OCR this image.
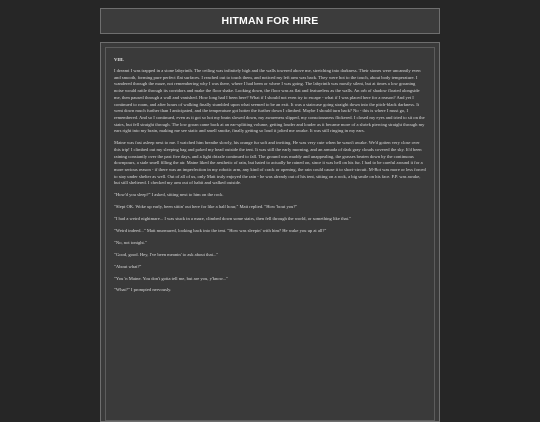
HITMAN FOR HIRE

VIII.

I dreamt I was trapped in a stone labyrinth. The ceiling was infinitely high and the walls towered above me, stretching into darkness. Their stones were uncannily even and smooth, forming pure perfect flat surfaces. I reached out to touch them, and noticed my left arm was back. They were hot to the touch, about body temperature. I wandered through the maze, not remembering why I was there, where I had been or where I was going. The labyrinth was mostly silent, but at times a low groaning noise would rattle through its corridors and make the floor shake. Looking down, the floor was as flat and featureless as the walls. An orb of shadow floated alongside me, then paused through a wall and vanished. How long had I been here? What if I should not even try to escape - what if I was placed here for a reason? And yet I continued to roam, and after hours of walking finally stumbled upon what seemed to be an exit. It was a staircase going straight down into the pitch-black darkness. It went down much further than I anticipated, and the temperature got hotter the further down I climbed. Maybe I should turn back? No - this is where I must go, I remembered. And so I continued, even as it got so hot my brain slowed down, my awareness slipped, my consciousness flickered. I closed my eyes and tried to sit on the stairs, but fell straight through. The low groan came back at an ear-splitting volume, getting louder and louder as it became more of a shriek piercing straight through my ears right into my brain, making me see static and smell smoke, finally getting so loud it jolted me awake. It was still ringing in my ears.

Maine was fast asleep next to me. I watched him breathe slowly, his orange fur soft and inviting. He was very cute when he wasn't awake. We'd gotten very close over this trip! I climbed out my sleeping bag and poked my head outside the tent. It was still the early morning, and an armada of dark gray clouds covered the sky. It'd been raining constantly over the past five days, and a light drizzle continued to fall. The ground was muddy and unappealing, the grasses beaten down by the continuous downpours, a stale smell filling the air. Maine liked the aesthetic of rain, but hated to actually be rained on, since it was hell on his fur. I had to be careful around it for a more serious reason - if there was an imperfection in my robotic arm, any kind of crack or opening, the rain could cause it to short-circuit. M-Bot was more or less forced to stay under shelter as well. Out of all of us, only Matt truly enjoyed the rain - he was already out of his tent, sitting on a rock, a big smile on his face. F.P. was awake, but still sheltered. I checked my arm out of habit and walked outside.

"How'd you sleep?" I asked, sitting next to him on the rock.

"Slept OK. Woke up early, been sittin' out here for like a half hour," Matt replied. "How 'bout you?"

"I had a weird nightmare... I was stuck in a maze, climbed down some stairs, then fell through the world, or something like that."

"Weird indeed..." Matt murmured, looking back into the tent. "How was sleepin' with him? He wake you up at all?"

"No, not tonight."

"Good, good. Hey, I've been meanin' to ask about that..."

"About what?"

"You 'n Maine. You don't gotta tell me, but are you, y'know..."

"What?" I prompted nervously.
